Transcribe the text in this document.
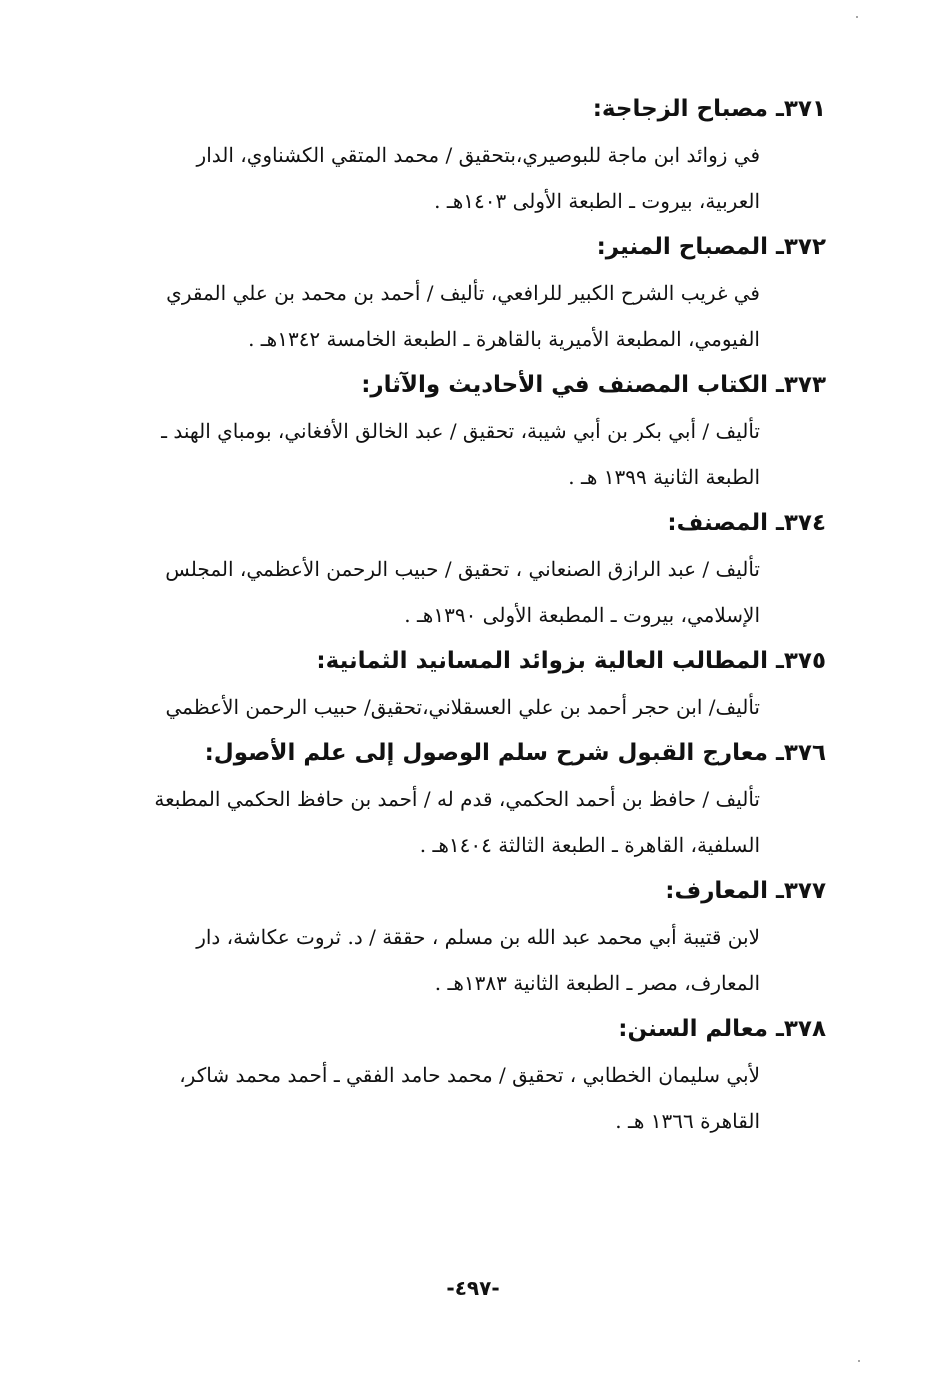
٣٧١ـ مصباح الزجاجة:
في زوائد ابن ماجة للبوصيري،بتحقيق / محمد المتقي الكشناوي، الدار
العربية، بيروت ـ الطبعة الأولى ١٤٠٣هـ .
٣٧٢ـ المصباح المنير:
في غريب الشرح الكبير للرافعي، تأليف / أحمد بن محمد بن علي المقري
الفيومي، المطبعة الأميرية بالقاهرة ـ الطبعة الخامسة ١٣٤٢هـ .
٣٧٣ـ الكتاب المصنف في الأحاديث والآثار:
تأليف / أبي بكر بن أبي شيبة، تحقيق / عبد الخالق الأفغاني، بومباي الهند ـ
الطبعة الثانية ١٣٩٩ هـ .
٣٧٤ـ المصنف:
تأليف / عبد الرازق الصنعاني ، تحقيق / حبيب الرحمن الأعظمي، المجلس
الإسلامي، بيروت ـ المطبعة الأولى ١٣٩٠هـ .
٣٧٥ـ المطالب العالية بزوائد المسانيد الثمانية:
تأليف/ ابن حجر أحمد بن علي العسقلاني،تحقيق/ حبيب الرحمن الأعظمي
٣٧٦ـ معارج القبول شرح سلم الوصول إلى علم الأصول:
تأليف / حافظ بن أحمد الحكمي، قدم له / أحمد بن حافظ الحكمي المطبعة
السلفية، القاهرة ـ الطبعة الثالثة ١٤٠٤هـ .
٣٧٧ـ المعارف:
لابن قتيبة أبي محمد عبد الله بن مسلم ، حققة / د. ثروت عكاشة، دار
المعارف، مصر ـ الطبعة الثانية ١٣٨٣هـ .
٣٧٨ـ معالم السنن:
لأبي سليمان الخطابي ، تحقيق / محمد حامد الفقي ـ أحمد محمد شاكر،
القاهرة ١٣٦٦ هـ .
-٤٩٧-
